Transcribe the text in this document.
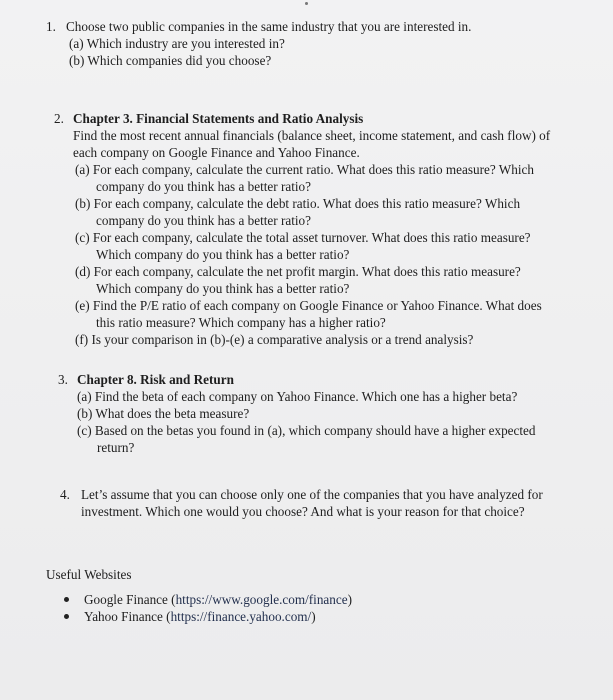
1. Choose two public companies in the same industry that you are interested in.
(a) Which industry are you interested in?
(b) Which companies did you choose?
2. Chapter 3. Financial Statements and Ratio Analysis
Find the most recent annual financials (balance sheet, income statement, and cash flow) of
each company on Google Finance and Yahoo Finance.
(a) For each company, calculate the current ratio. What does this ratio measure? Which
company do you think has a better ratio?
(b) For each company, calculate the debt ratio. What does this ratio measure? Which
company do you think has a better ratio?
(c) For each company, calculate the total asset turnover. What does this ratio measure?
Which company do you think has a better ratio?
(d) For each company, calculate the net profit margin. What does this ratio measure?
Which company do you think has a better ratio?
(e) Find the P/E ratio of each company on Google Finance or Yahoo Finance. What does
this ratio measure? Which company has a higher ratio?
(f) Is your comparison in (b)-(e) a comparative analysis or a trend analysis?
3. Chapter 8. Risk and Return
(a) Find the beta of each company on Yahoo Finance. Which one has a higher beta?
(b) What does the beta measure?
(c) Based on the betas you found in (a), which company should have a higher expected
return?
4. Let’s assume that you can choose only one of the companies that you have analyzed for
investment. Which one would you choose? And what is your reason for that choice?
Useful Websites
Google Finance (https://www.google.com/finance)
Yahoo Finance (https://finance.yahoo.com/)
